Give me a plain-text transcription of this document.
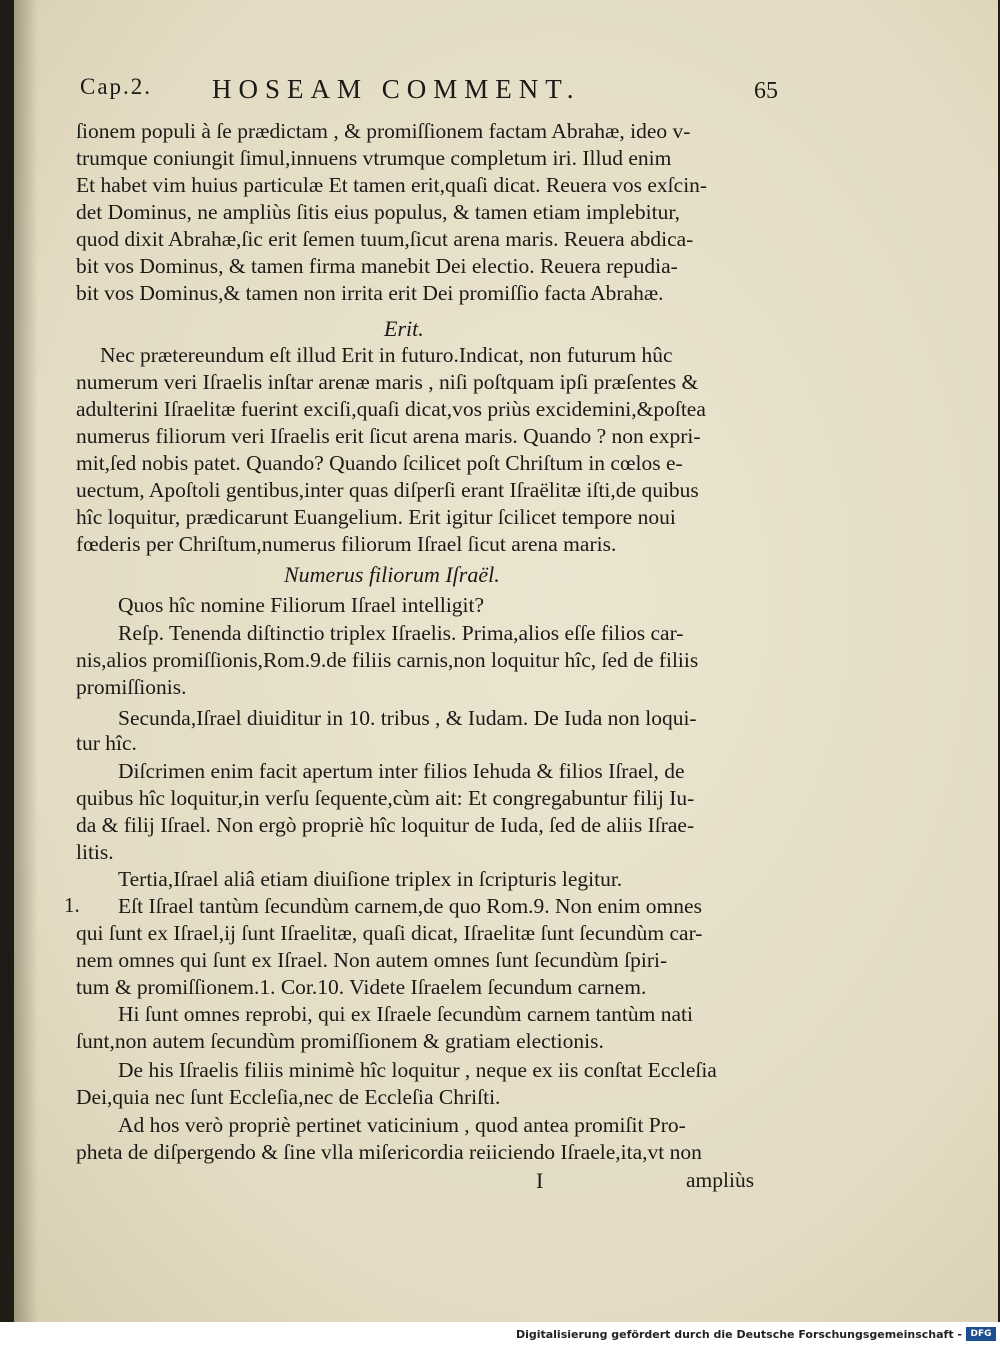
Cap.2. HOSEAM COMMENT.	65
ſionem populi à ſe prædictam , & promiſſionem factam Abrahæ, ideo v-
trumque coniungit ſimul,innuens vtrumque completum iri. Illud enim
Et habet vim huius particulæ Et tamen erit,quaſi dicat. Reuera vos exſcin-
det Dominus, ne ampliùs ſitis eius populus, & tamen etiam implebitur,
quod dixit Abrahæ,ſic erit ſemen tuum,ſicut arena maris. Reuera abdica-
bit vos Dominus, & tamen firma manebit Dei electio. Reuera repudia-
bit vos Dominus,& tamen non irrita erit Dei promiſſio facta Abrahæ.
Erit.
Nec prætereundum eſt illud Erit in futuro.Indicat, non futurum hûc
numerum veri Iſraelis inſtar arenæ maris , niſi poſtquam ipſi præſentes &
adulterini Iſraelitæ fuerint exciſi,quaſi dicat,vos priùs excidemini,&poſtea
numerus filiorum veri Iſraelis erit ſicut arena maris. Quando ? non expri-
mit,ſed nobis patet. Quando? Quando ſcilicet poſt Chriſtum in cœlos e-
uectum, Apoſtoli gentibus,inter quas diſperſi erant Iſraëlitæ iſti,de quibus
hîc loquitur, prædicarunt Euangelium. Erit igitur ſcilicet tempore noui
fœderis per Chriſtum,numerus filiorum Iſrael ſicut arena maris.
Numerus filiorum Iſraël.
Quos hîc nomine Filiorum Iſrael intelligit?
Reſp. Tenenda diſtinctio triplex Iſraelis. Prima,alios eſſe filios car-
nis,alios promiſſionis,Rom.9.de filiis carnis,non loquitur hîc, ſed de filiis
promiſſionis.
Secunda,Iſrael diuiditur in 10. tribus , & Iudam. De Iuda non loqui-
tur hîc.
Diſcrimen enim facit apertum inter filios Iehuda & filios Iſrael, de
quibus hîc loquitur,in verſu ſequente,cùm ait: Et congregabuntur filij Iu-
da & filij Iſrael. Non ergò propriè hîc loquitur de Iuda, ſed de aliis Iſrae-
litis.
Tertia,Iſrael aliâ etiam diuiſione triplex in ſcripturis legitur.
1. Eſt Iſrael tantùm ſecundùm carnem,de quo Rom.9. Non enim omnes
qui ſunt ex Iſrael,ij ſunt Iſraelitæ, quaſi dicat, Iſraelitæ ſunt ſecundùm car-
nem omnes qui ſunt ex Iſrael. Non autem omnes ſunt ſecundùm ſpiri-
tum & promiſſionem.1. Cor.10. Videte Iſraelem ſecundum carnem.
Hi ſunt omnes reprobi, qui ex Iſraele ſecundùm carnem tantùm nati
ſunt,non autem ſecundùm promiſſionem & gratiam electionis.
De his Iſraelis filiis minimè hîc loquitur , neque ex iis conſtat Eccleſia
Dei,quia nec ſunt Eccleſia,nec de Eccleſia Chriſti.
Ad hos verò propriè pertinet vaticinium , quod antea promiſit Pro-
pheta de diſpergendo & ſine vlla miſericordia reiiciendo Iſraele,ita,vt non
I	ampliùs
Digitalisierung gefördert durch die Deutsche Forschungsgemeinschaft - DFG
